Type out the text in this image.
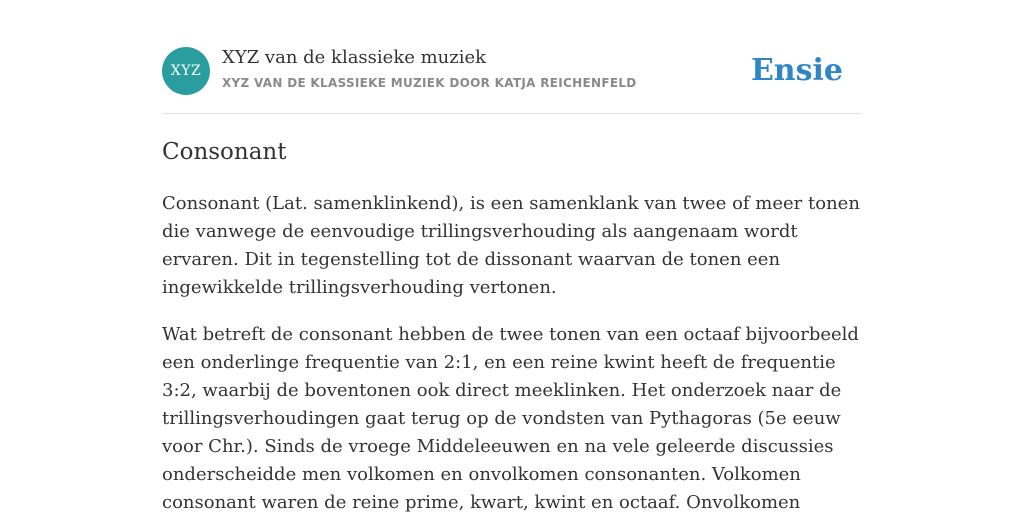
XYZ
XYZ van de klassieke muziek
XYZ VAN DE KLASSIEKE MUZIEK DOOR KATJA REICHENFELD	Ensie
Consonant

Consonant (Lat. samenklinkend), is een samenklank van twee of meer tonen die vanwege de eenvoudige trillingsverhouding als aangenaam wordt ervaren. Dit in tegenstelling tot de dissonant waarvan de tonen een ingewikkelde trillingsverhouding vertonen.

Wat betreft de consonant hebben de twee tonen van een octaaf bijvoorbeeld een onderlinge frequentie van 2:1, en een reine kwint heeft de frequentie 3:2, waarbij de boventonen ook direct meeklinken. Het onderzoek naar de trillingsverhoudingen gaat terug op de vondsten van Pythagoras (5e eeuw voor Chr.). Sinds de vroege Middeleeuwen en na vele geleerde discussies onderscheidde men volkomen en onvolkomen consonanten. Volkomen consonant waren de reine prime, kwart, kwint en octaaf. Onvolkomen
